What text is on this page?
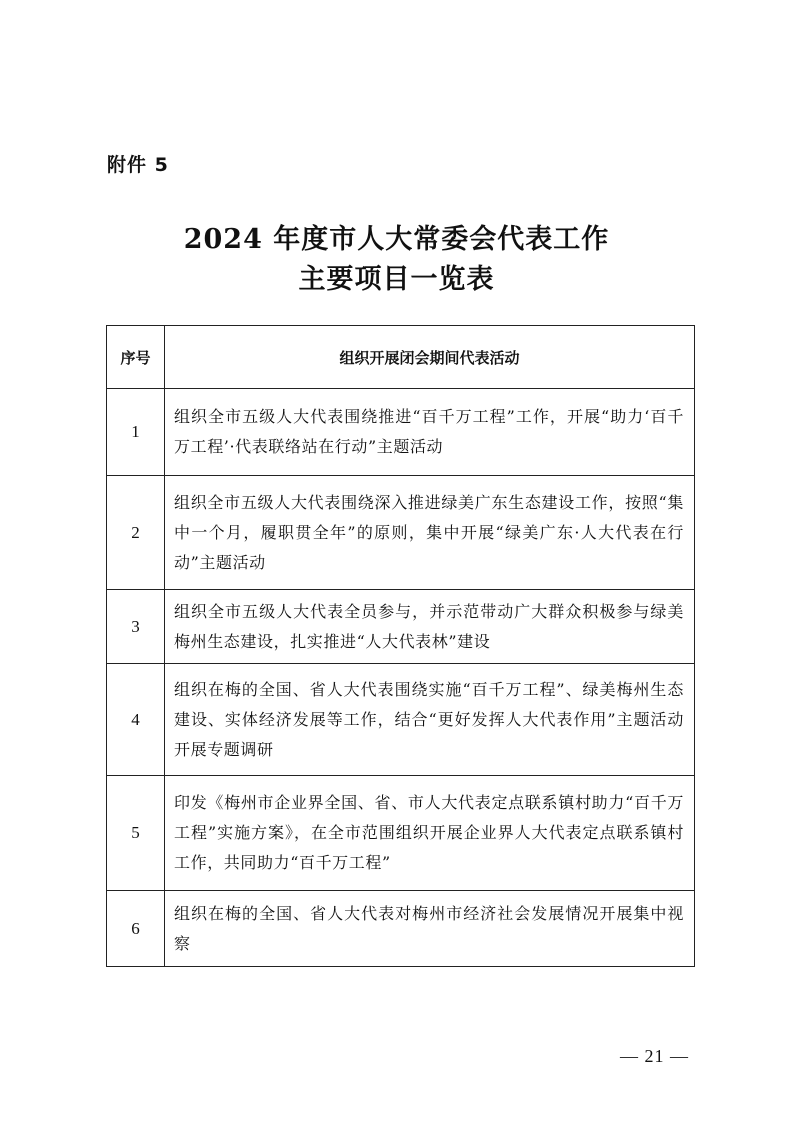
附件 5
2024 年度市人大常委会代表工作
主要项目一览表
序号	组织开展闭会期间代表活动
1	组织全市五级人大代表围绕推进“百千万工程”工作，开展“助力‘百千万工程’·代表联络站在行动”主题活动
2	组织全市五级人大代表围绕深入推进绿美广东生态建设工作，按照“集中一个月，履职贯全年”的原则，集中开展“绿美广东·人大代表在行动”主题活动
3	组织全市五级人大代表全员参与，并示范带动广大群众积极参与绿美梅州生态建设，扎实推进“人大代表林”建设
4	组织在梅的全国、省人大代表围绕实施“百千万工程”、绿美梅州生态建设、实体经济发展等工作，结合“更好发挥人大代表作用”主题活动开展专题调研
5	印发《梅州市企业界全国、省、市人大代表定点联系镇村助力“百千万工程”实施方案》，在全市范围组织开展企业界人大代表定点联系镇村工作，共同助力“百千万工程”
6	组织在梅的全国、省人大代表对梅州市经济社会发展情况开展集中视察
— 21 —
